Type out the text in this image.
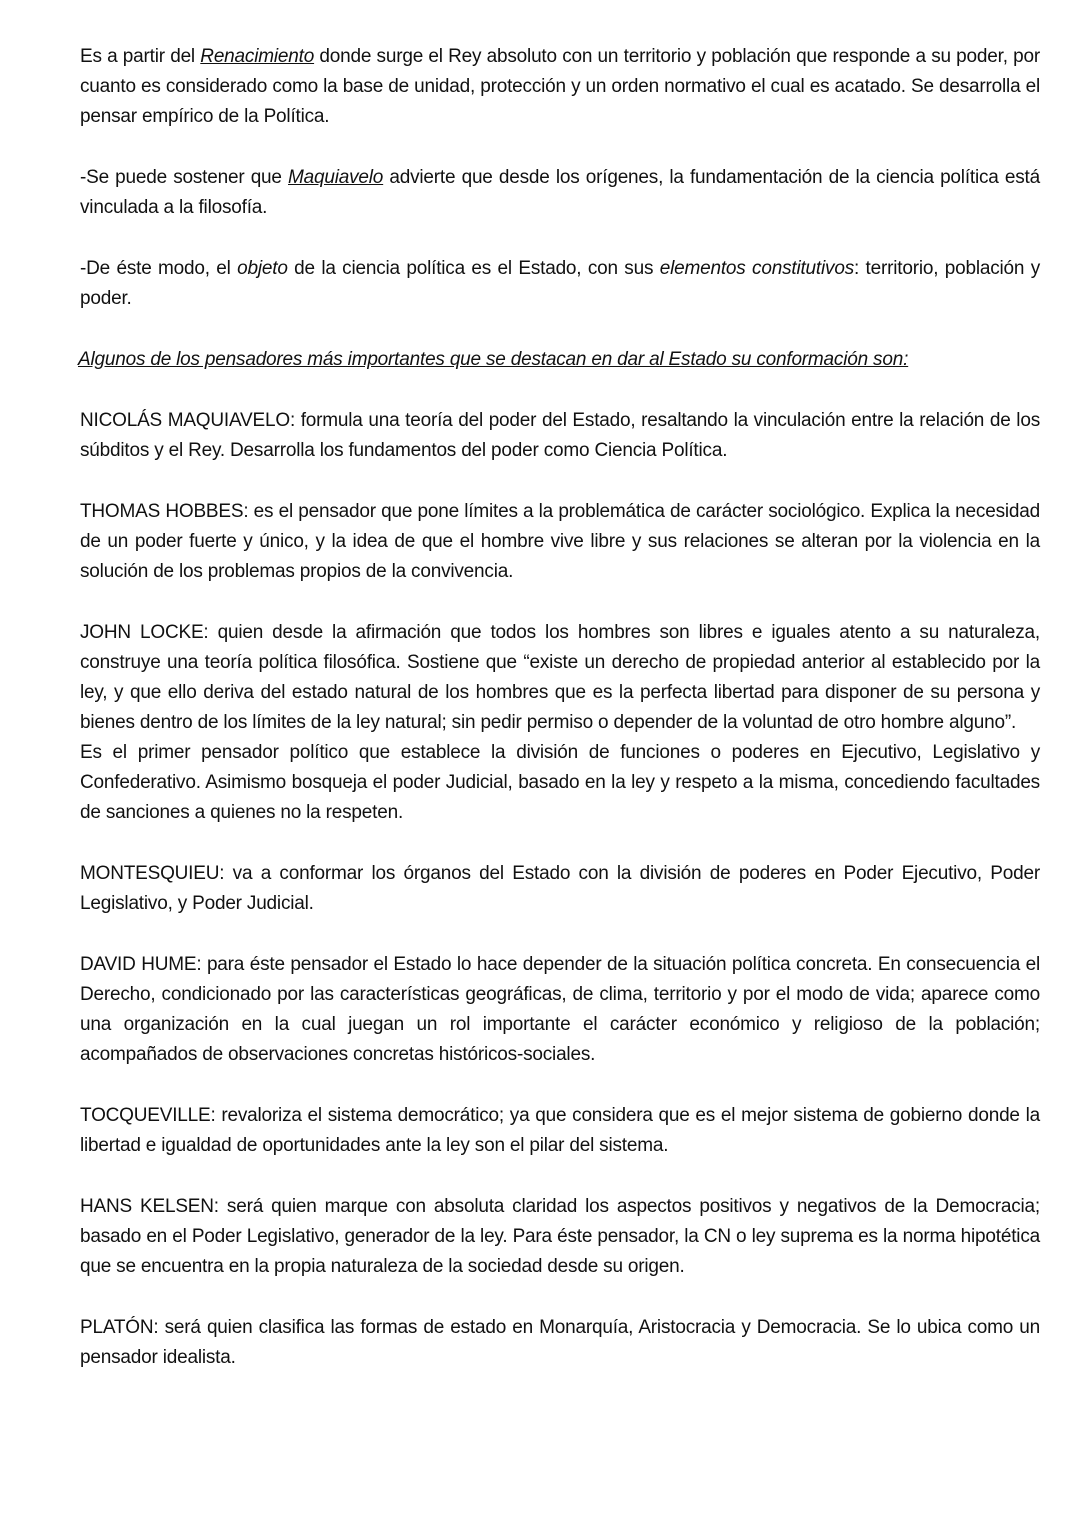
Es a partir del Renacimiento donde surge el Rey absoluto con un territorio y población que responde a su poder, por cuanto es considerado como la base de unidad, protección y un orden normativo el cual es acatado. Se desarrolla el pensar empírico de la Política.

-Se puede sostener que Maquiavelo advierte que desde los orígenes, la fundamentación de la ciencia política está vinculada a la filosofía.

-De éste modo, el objeto de la ciencia política es el Estado, con sus elementos constitutivos: territorio, población y poder.

Algunos de los pensadores más importantes que se destacan en dar al Estado su conformación son:

NICOLÁS MAQUIAVELO: formula una teoría del poder del Estado, resaltando la vinculación entre la relación de los súbditos y el Rey. Desarrolla los fundamentos del poder como Ciencia Política.

THOMAS HOBBES: es el pensador que pone límites a la problemática de carácter sociológico. Explica la necesidad de un poder fuerte y único, y la idea de que el hombre vive libre y sus relaciones se alteran por la violencia en la solución de los problemas propios de la convivencia.

JOHN LOCKE: quien desde la afirmación que todos los hombres son libres e iguales atento a su naturaleza, construye una teoría política filosófica. Sostiene que “existe un derecho de propiedad anterior al establecido por la ley, y que ello deriva del estado natural de los hombres que es la perfecta libertad para disponer de su persona y bienes dentro de los límites de la ley natural; sin pedir permiso o depender de la voluntad de otro hombre alguno”.

Es el primer pensador político que establece la división de funciones o poderes en Ejecutivo, Legislativo y Confederativo. Asimismo bosqueja el poder Judicial, basado en la ley y respeto a la misma, concediendo facultades de sanciones a quienes no la respeten.

MONTESQUIEU: va a conformar los órganos del Estado con la división de poderes en Poder Ejecutivo, Poder Legislativo, y Poder Judicial.

DAVID HUME: para éste pensador el Estado lo hace depender de la situación política concreta. En consecuencia el Derecho, condicionado por las características geográficas, de clima, territorio y por el modo de vida; aparece como una organización en la cual juegan un rol importante el carácter económico y religioso de la población; acompañados de observaciones concretas históricos-sociales.

TOCQUEVILLE: revaloriza el sistema democrático; ya que considera que es el mejor sistema de gobierno donde la libertad e igualdad de oportunidades ante la ley son el pilar del sistema.

HANS KELSEN: será quien marque con absoluta claridad los aspectos positivos y negativos de la Democracia; basado en el Poder Legislativo, generador de la ley. Para éste pensador, la CN o ley suprema es la norma hipotética que se encuentra en la propia naturaleza de la sociedad desde su origen.

PLATÓN: será quien clasifica las formas de estado en Monarquía, Aristocracia y Democracia. Se lo ubica como un pensador idealista.
